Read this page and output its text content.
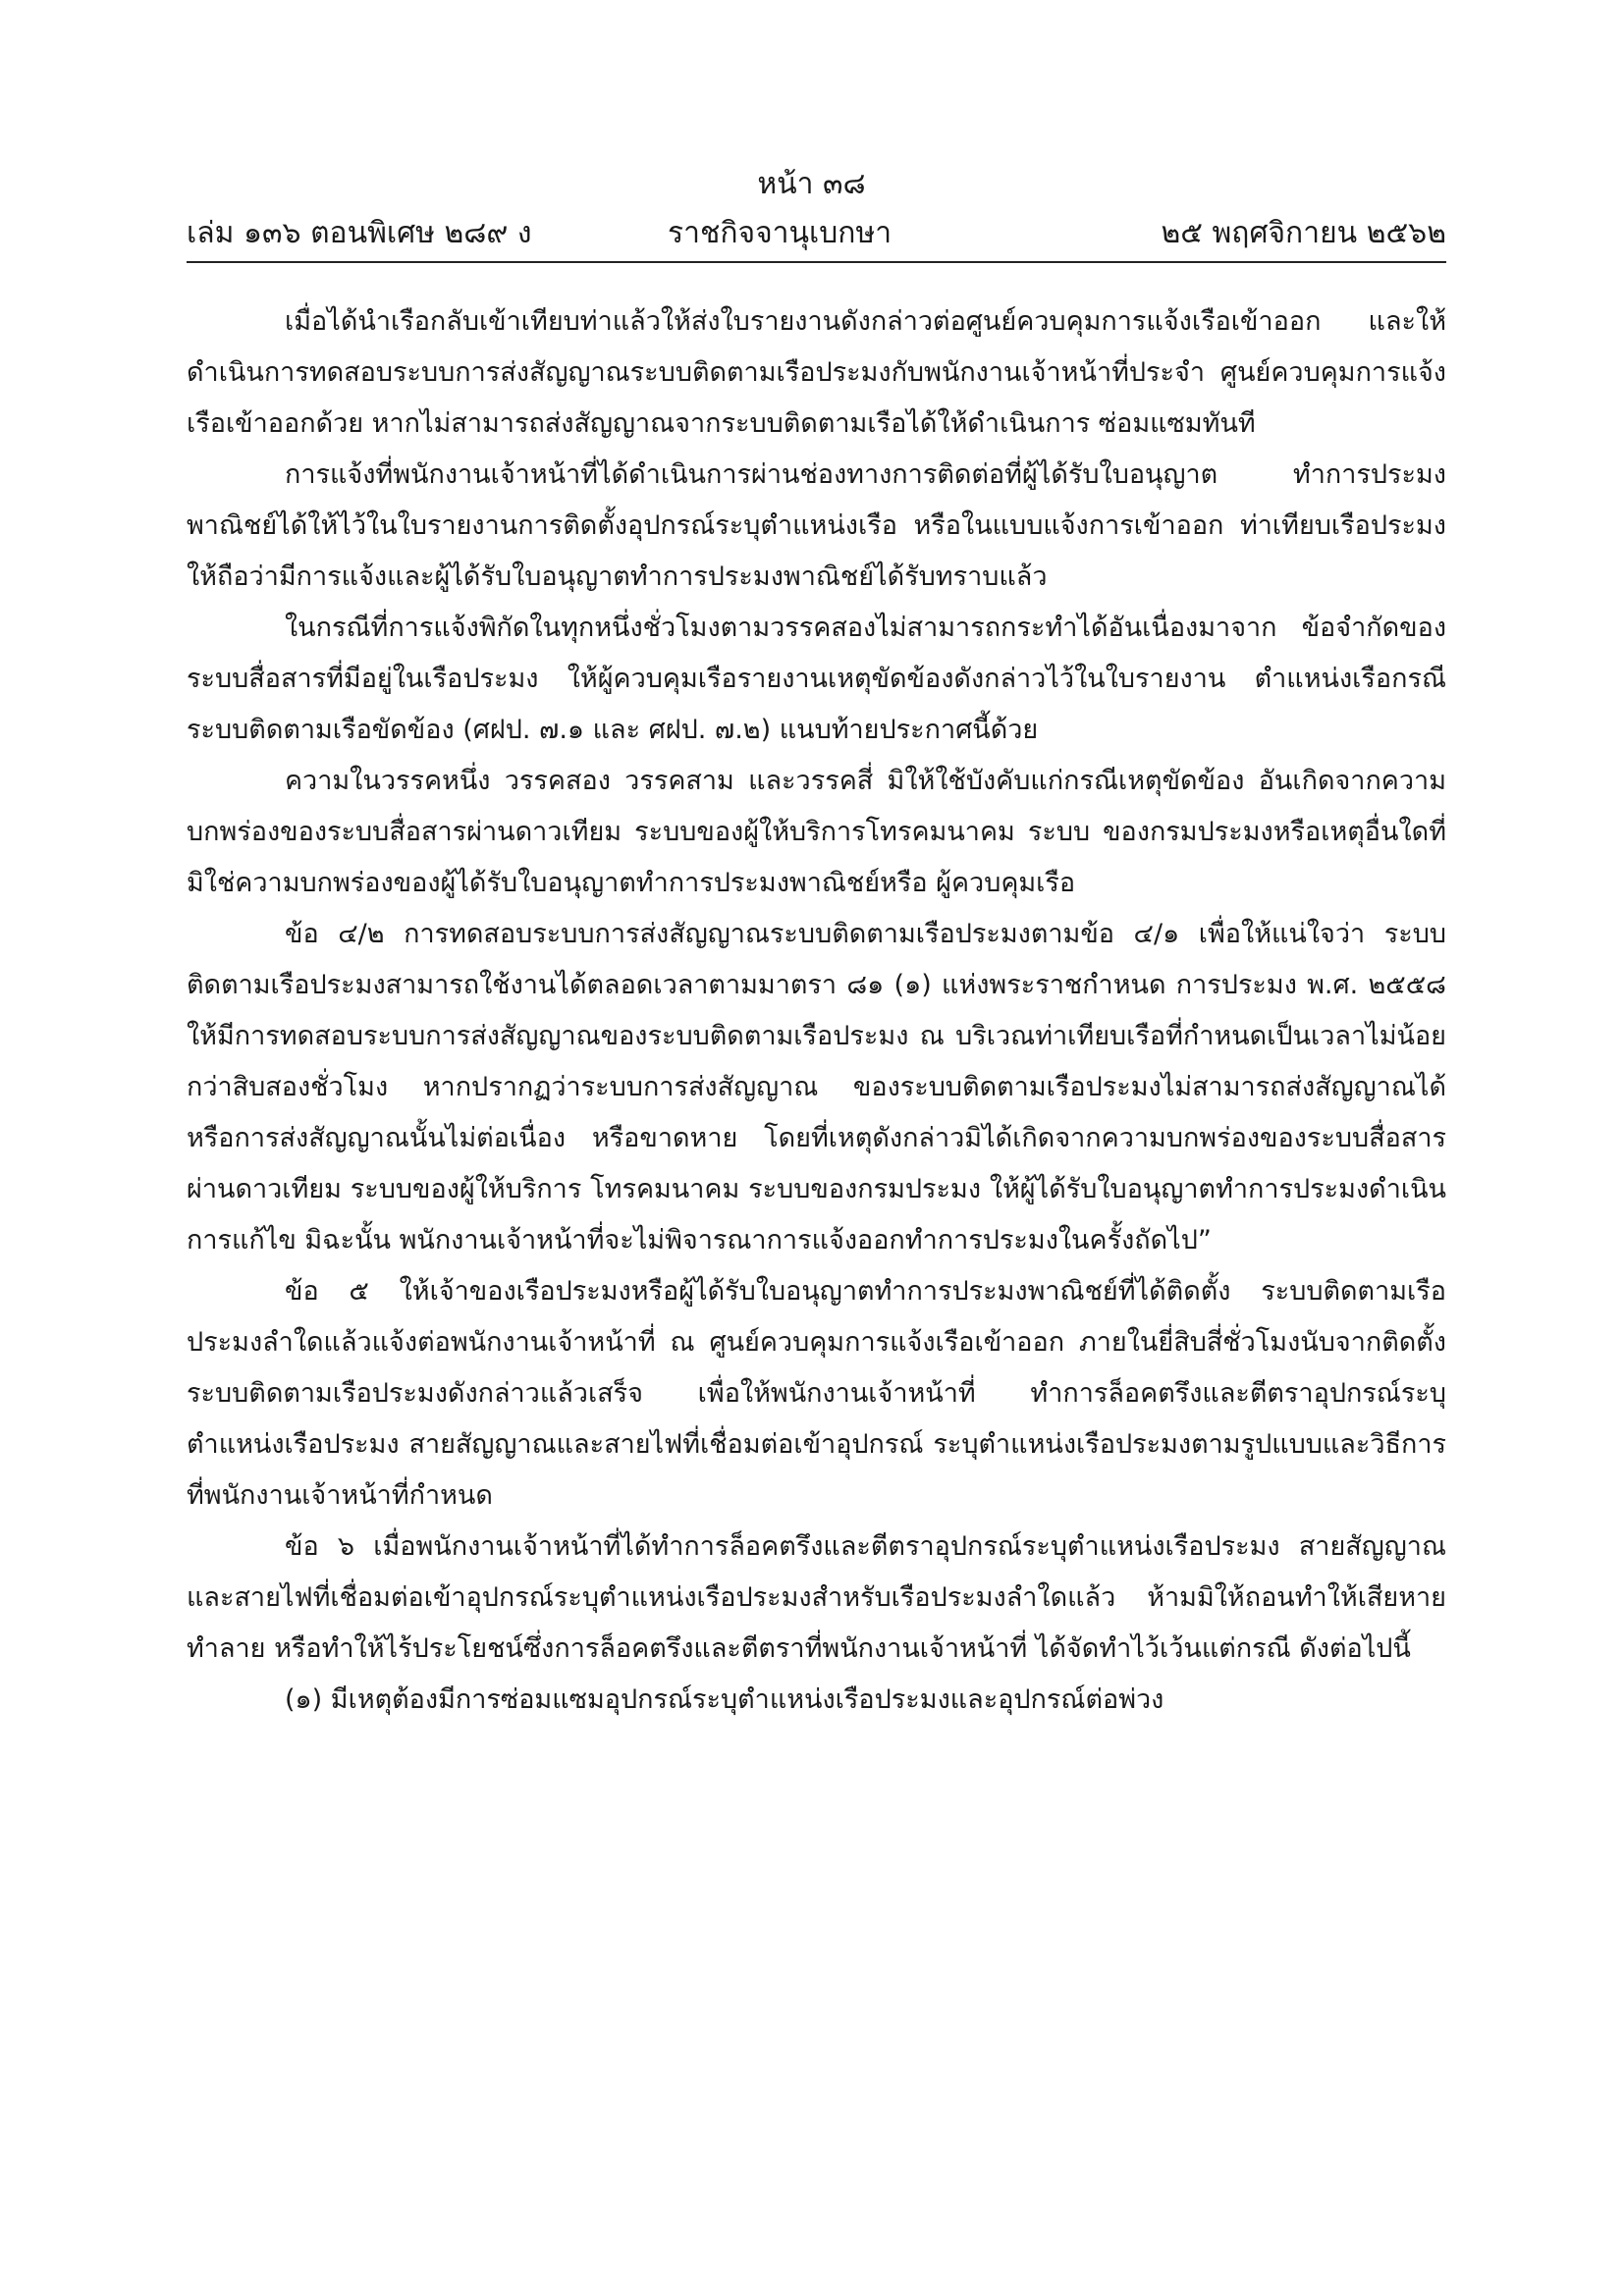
หน้า ๓๘
เล่ม ๑๓๖ ตอนพิเศษ ๒๘๙ ง	ราชกิจจานุเบกษา	๒๕ พฤศจิกายน ๒๕๖๒

เมื่อได้นำเรือกลับเข้าเทียบท่าแล้วให้ส่งใบรายงานดังกล่าวต่อศูนย์ควบคุมการแจ้งเรือเข้าออก และให้ดำเนินการทดสอบระบบการส่งสัญญาณระบบติดตามเรือประมงกับพนักงานเจ้าหน้าที่ประจำ ศูนย์ควบคุมการแจ้งเรือเข้าออกด้วย หากไม่สามารถส่งสัญญาณจากระบบติดตามเรือได้ให้ดำเนินการ ซ่อมแซมทันที

การแจ้งที่พนักงานเจ้าหน้าที่ได้ดำเนินการผ่านช่องทางการติดต่อที่ผู้ได้รับใบอนุญาต ทำการประมงพาณิชย์ได้ให้ไว้ในใบรายงานการติดตั้งอุปกรณ์ระบุตำแหน่งเรือ หรือในแบบแจ้งการเข้าออก ท่าเทียบเรือประมงให้ถือว่ามีการแจ้งและผู้ได้รับใบอนุญาตทำการประมงพาณิชย์ได้รับทราบแล้ว

ในกรณีที่การแจ้งพิกัดในทุกหนึ่งชั่วโมงตามวรรคสองไม่สามารถกระทำได้อันเนื่องมาจาก ข้อจำกัดของระบบสื่อสารที่มีอยู่ในเรือประมง ให้ผู้ควบคุมเรือรายงานเหตุขัดข้องดังกล่าวไว้ในใบรายงาน ตำแหน่งเรือกรณีระบบติดตามเรือขัดข้อง (ศฝป. ๗.๑ และ ศฝป. ๗.๒) แนบท้ายประกาศนี้ด้วย

ความในวรรคหนึ่ง วรรคสอง วรรคสาม และวรรคสี่ มิให้ใช้บังคับแก่กรณีเหตุขัดข้อง อันเกิดจากความบกพร่องของระบบสื่อสารผ่านดาวเทียม ระบบของผู้ให้บริการโทรคมนาคม ระบบ ของกรมประมงหรือเหตุอื่นใดที่มิใช่ความบกพร่องของผู้ได้รับใบอนุญาตทำการประมงพาณิชย์หรือ ผู้ควบคุมเรือ

ข้อ ๔/๒ การทดสอบระบบการส่งสัญญาณระบบติดตามเรือประมงตามข้อ ๔/๑ เพื่อให้แน่ใจว่า ระบบติดตามเรือประมงสามารถใช้งานได้ตลอดเวลาตามมาตรา ๘๑ (๑) แห่งพระราชกำหนด การประมง พ.ศ. ๒๕๕๘ ให้มีการทดสอบระบบการส่งสัญญาณของระบบติดตามเรือประมง ณ บริเวณท่าเทียบเรือที่กำหนดเป็นเวลาไม่น้อยกว่าสิบสองชั่วโมง หากปรากฏว่าระบบการส่งสัญญาณ ของระบบติดตามเรือประมงไม่สามารถส่งสัญญาณได้ หรือการส่งสัญญาณนั้นไม่ต่อเนื่อง หรือขาดหาย โดยที่เหตุดังกล่าวมิได้เกิดจากความบกพร่องของระบบสื่อสารผ่านดาวเทียม ระบบของผู้ให้บริการ โทรคมนาคม ระบบของกรมประมง ให้ผู้ได้รับใบอนุญาตทำการประมงดำเนินการแก้ไข มิฉะนั้น พนักงานเจ้าหน้าที่จะไม่พิจารณาการแจ้งออกทำการประมงในครั้งถัดไป”

ข้อ ๕ ให้เจ้าของเรือประมงหรือผู้ได้รับใบอนุญาตทำการประมงพาณิชย์ที่ได้ติดตั้ง ระบบติดตามเรือประมงลำใดแล้วแจ้งต่อพนักงานเจ้าหน้าที่ ณ ศูนย์ควบคุมการแจ้งเรือเข้าออก ภายในยี่สิบสี่ชั่วโมงนับจากติดตั้งระบบติดตามเรือประมงดังกล่าวแล้วเสร็จ เพื่อให้พนักงานเจ้าหน้าที่ ทำการล็อคตรึงและตีตราอุปกรณ์ระบุตำแหน่งเรือประมง สายสัญญาณและสายไฟที่เชื่อมต่อเข้าอุปกรณ์ ระบุตำแหน่งเรือประมงตามรูปแบบและวิธีการที่พนักงานเจ้าหน้าที่กำหนด

ข้อ ๖ เมื่อพนักงานเจ้าหน้าที่ได้ทำการล็อคตรึงและตีตราอุปกรณ์ระบุตำแหน่งเรือประมง สายสัญญาณและสายไฟที่เชื่อมต่อเข้าอุปกรณ์ระบุตำแหน่งเรือประมงสำหรับเรือประมงลำใดแล้ว ห้ามมิให้ถอนทำให้เสียหาย ทำลาย หรือทำให้ไร้ประโยชน์ซึ่งการล็อคตรึงและตีตราที่พนักงานเจ้าหน้าที่ ได้จัดทำไว้เว้นแต่กรณี ดังต่อไปนี้

(๑) มีเหตุต้องมีการซ่อมแซมอุปกรณ์ระบุตำแหน่งเรือประมงและอุปกรณ์ต่อพ่วง
